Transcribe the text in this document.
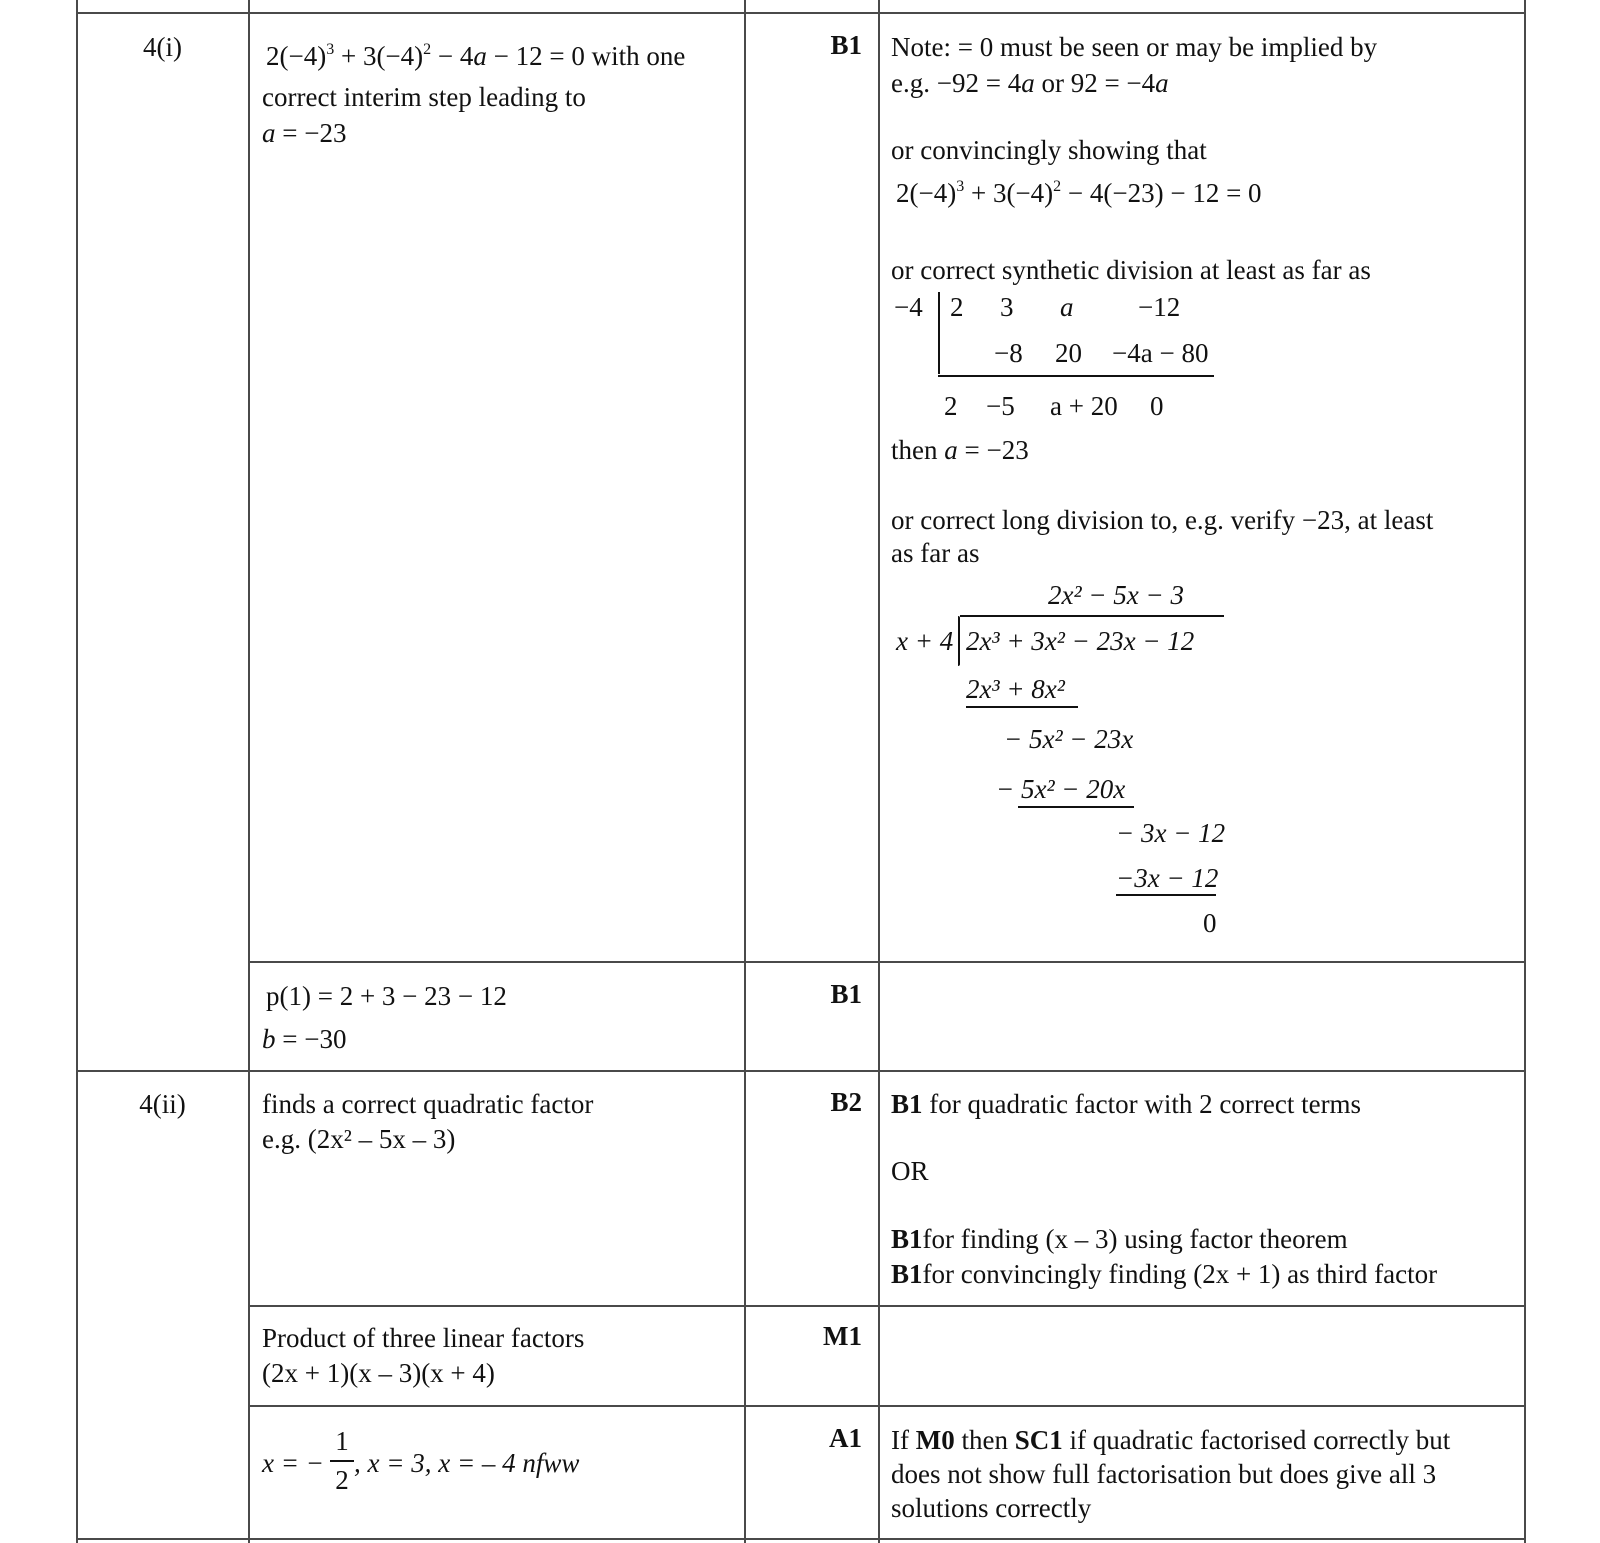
4(i)	$2(-4)^3 + 3(-4)^2 - 4a - 12 = 0$ with one
correct interim step leading to
a = −23
B1 Note: = 0 must be seen or may be implied by
e.g. −92 = 4a or 92 = −4a
or convincingly showing that
$2(-4)^3 + 3(-4)^2 - 4(-23) - 12 = 0$
or correct synthetic division at least as far as
−4 2 3 a −12
−8 20 −4a − 80
2 −5 a + 20 0
then a = −23
or correct long division to, e.g. verify −23, at least
as far as
2x² − 5x − 3
x + 4 2x³ + 3x² − 23x − 12
2x³ + 8x²
− 5x² − 23x
− 5x² − 20x
− 3x − 12
−3x − 12
0
p(1) = 2 + 3 − 23 − 12
b = −30
B1
4(ii)	finds a correct quadratic factor
e.g. (2x² – 5x – 3)
B2 B1 for quadratic factor with 2 correct terms
OR
B1for finding (x – 3) using factor theorem
B1for convincingly finding (2x + 1) as third factor
Product of three linear factors
(2x + 1)(x – 3)(x + 4)
M1
x = −
1
2
, x = 3, x = – 4 nfww
A1 If M0 then SC1 if quadratic factorised correctly but
does not show full factorisation but does give all 3
solutions correctly
